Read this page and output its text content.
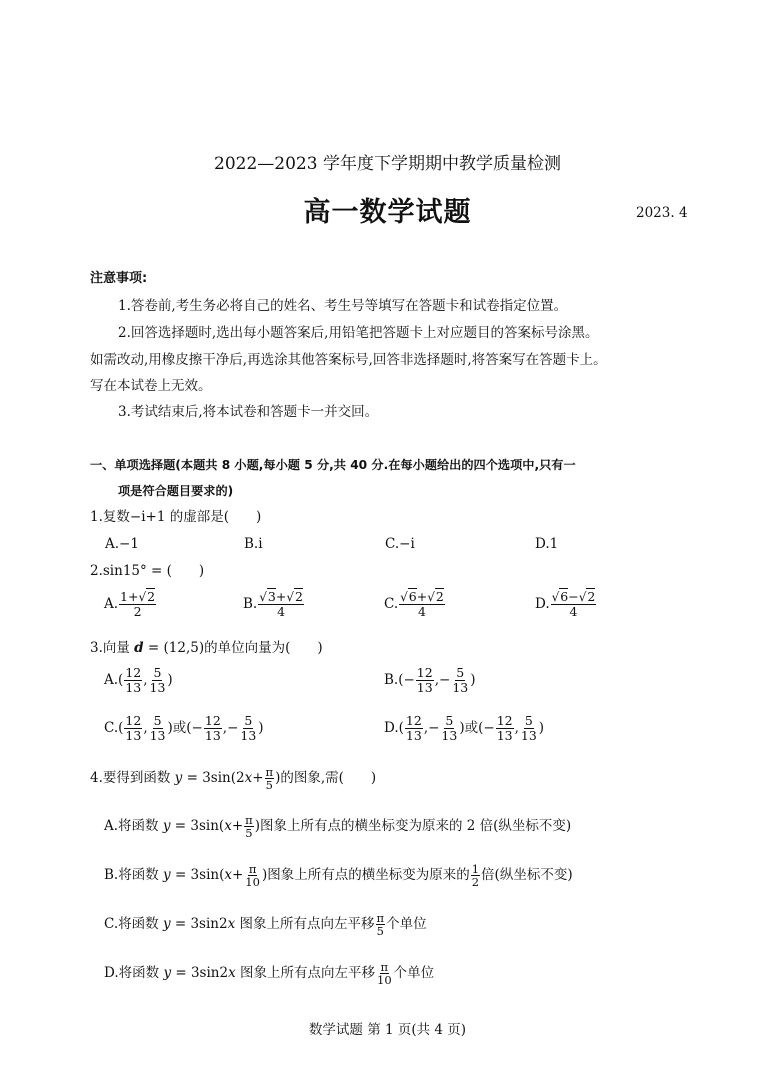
2022—2023 学年度下学期期中教学质量检测
高一数学试题	2023. 4
注意事项:
1.答卷前,考生务必将自己的姓名、考生号等填写在答题卡和试卷指定位置。
2.回答选择题时,选出每小题答案后,用铅笔把答题卡上对应题目的答案标号涂黑。
如需改动,用橡皮擦干净后,再选涂其他答案标号,回答非选择题时,将答案写在答题卡上。
写在本试卷上无效。
3.考试结束后,将本试卷和答题卡一并交回。
一、单项选择题(本题共 8 小题,每小题 5 分,共 40 分.在每小题给出的四个选项中,只有一
项是符合题目要求的)
1.复数−i+1 的虚部是(　　)
A.−1	B.i	C.−i	D.1
2.sin15° = (　　)
A. $\frac{1+√2}{2}$	B. $\frac{√3+√2}{4}$	C. $\frac{√6+√2}{4}$	D. $\frac{√6-√2}{4}$
3.向量 d = (12,5)的单位向量为(　　)
$A.( \frac{12}{13}$ , $\frac{5}{13}$ )	$B.(- \frac{12}{13}$ ,− $\frac{5}{13}$ )
$C.( \frac{12}{13}$ , $\frac{5}{13}$ )或(− $\frac{12}{13}$ ,− $\frac{5}{13}$ )	$D.( \frac{12}{13}$ ,− $\frac{5}{13}$ )或(− $\frac{12}{13}$ , $\frac{5}{13}$ )
4.要得到函数 $y = 3\sin(2x+ \frac{\pi}{5}$ )的图象,需(　　)
A.将函数 $y = 3\sin(x+ \frac{\pi}{5}$ )图象上所有点的横坐标变为原来的 2 倍(纵坐标不变)
B.将函数 $y = 3\sin(x+ \frac{\pi}{10}$ )图象上所有点的横坐标变为原来的 $\frac{1}{2}$ 倍(纵坐标不变)
C.将函数 y = 3sin2x 图象上所有点向左平移 $\frac{\pi}{5}$ 个单位
D.将函数 y = 3sin2x 图象上所有点向左平移 $\frac{\pi}{10}$ 个单位
数学试题 第 1 页(共 4 页)
